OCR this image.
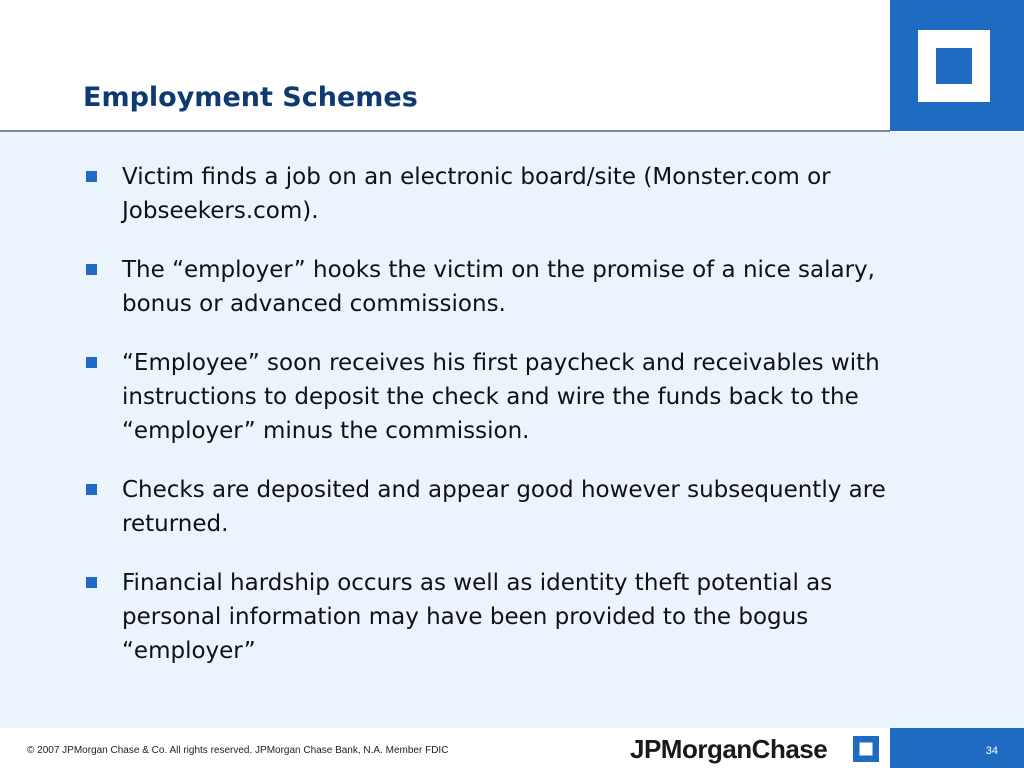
Employment Schemes
Victim finds a job on an electronic board/site (Monster.com or Jobseekers.com).
The “employer” hooks the victim on the promise of a nice salary, bonus or advanced commissions.
“Employee” soon receives his first paycheck and receivables with instructions to deposit the check and wire the funds back to the “employer” minus the commission.
Checks are deposited and appear good however subsequently are returned.
Financial hardship occurs as well as identity theft potential as personal information may have been provided to the bogus “employer”
© 2007 JPMorgan Chase & Co. All rights reserved. JPMorgan Chase Bank, N.A. Member FDIC	JPMorganChase	34
